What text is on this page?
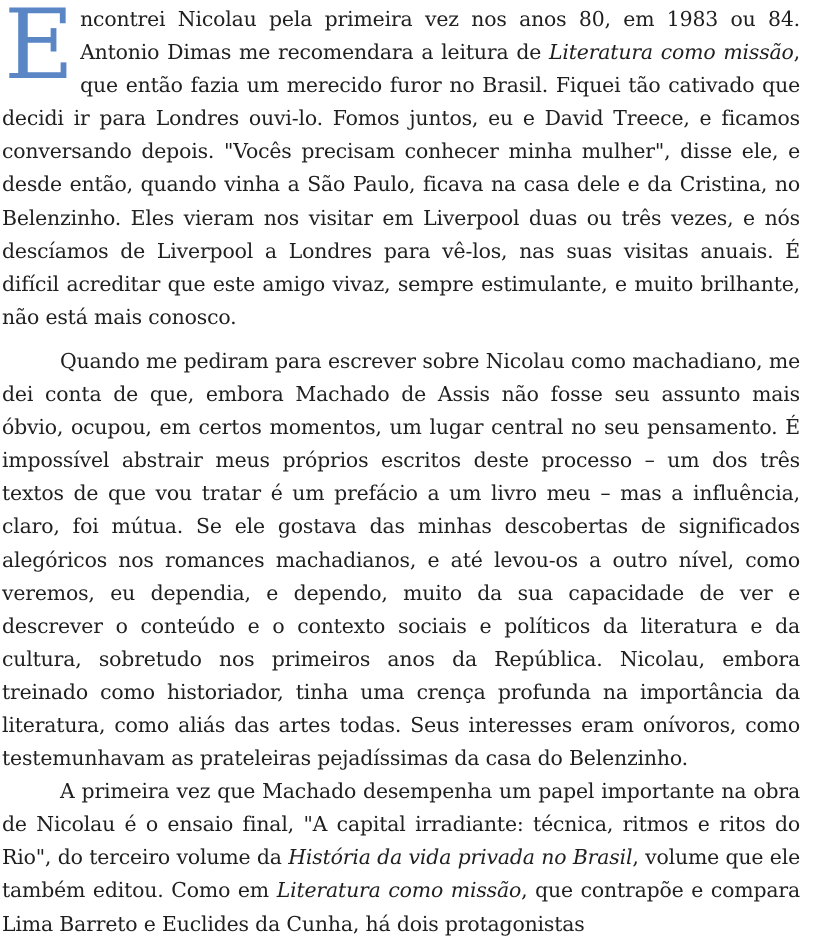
Encontrei Nicolau pela primeira vez nos anos 80, em 1983 ou 84. Antonio Dimas me recomendara a leitura de Literatura como missão, que então fazia um merecido furor no Brasil. Fiquei tão cativado que decidi ir para Londres ouvi-lo. Fomos juntos, eu e David Treece, e ficamos conversando depois. "Vocês precisam conhecer minha mulher", disse ele, e desde então, quando vinha a São Paulo, ficava na casa dele e da Cristina, no Belenzinho. Eles vieram nos visitar em Liverpool duas ou três vezes, e nós descíamos de Liverpool a Londres para vê-los, nas suas visitas anuais. É difícil acreditar que este amigo vivaz, sempre estimulante, e muito brilhante, não está mais conosco.

Quando me pediram para escrever sobre Nicolau como machadiano, me dei conta de que, embora Machado de Assis não fosse seu assunto mais óbvio, ocupou, em certos momentos, um lugar central no seu pensamento. É impossível abstrair meus próprios escritos deste processo – um dos três textos de que vou tratar é um prefácio a um livro meu – mas a influência, claro, foi mútua. Se ele gostava das minhas descobertas de significados alegóricos nos romances machadianos, e até levou-os a outro nível, como veremos, eu dependia, e dependo, muito da sua capacidade de ver e descrever o conteúdo e o contexto sociais e políticos da literatura e da cultura, sobretudo nos primeiros anos da República. Nicolau, embora treinado como historiador, tinha uma crença profunda na importância da literatura, como aliás das artes todas. Seus interesses eram onívoros, como testemunhavam as prateleiras pejadíssimas da casa do Belenzinho.

A primeira vez que Machado desempenha um papel importante na obra de Nicolau é o ensaio final, "A capital irradiante: técnica, ritmos e ritos do Rio", do terceiro volume da História da vida privada no Brasil, volume que ele também editou. Como em Literatura como missão, que contrapõe e compara Lima Barreto e Euclides da Cunha, há dois protagonistas
